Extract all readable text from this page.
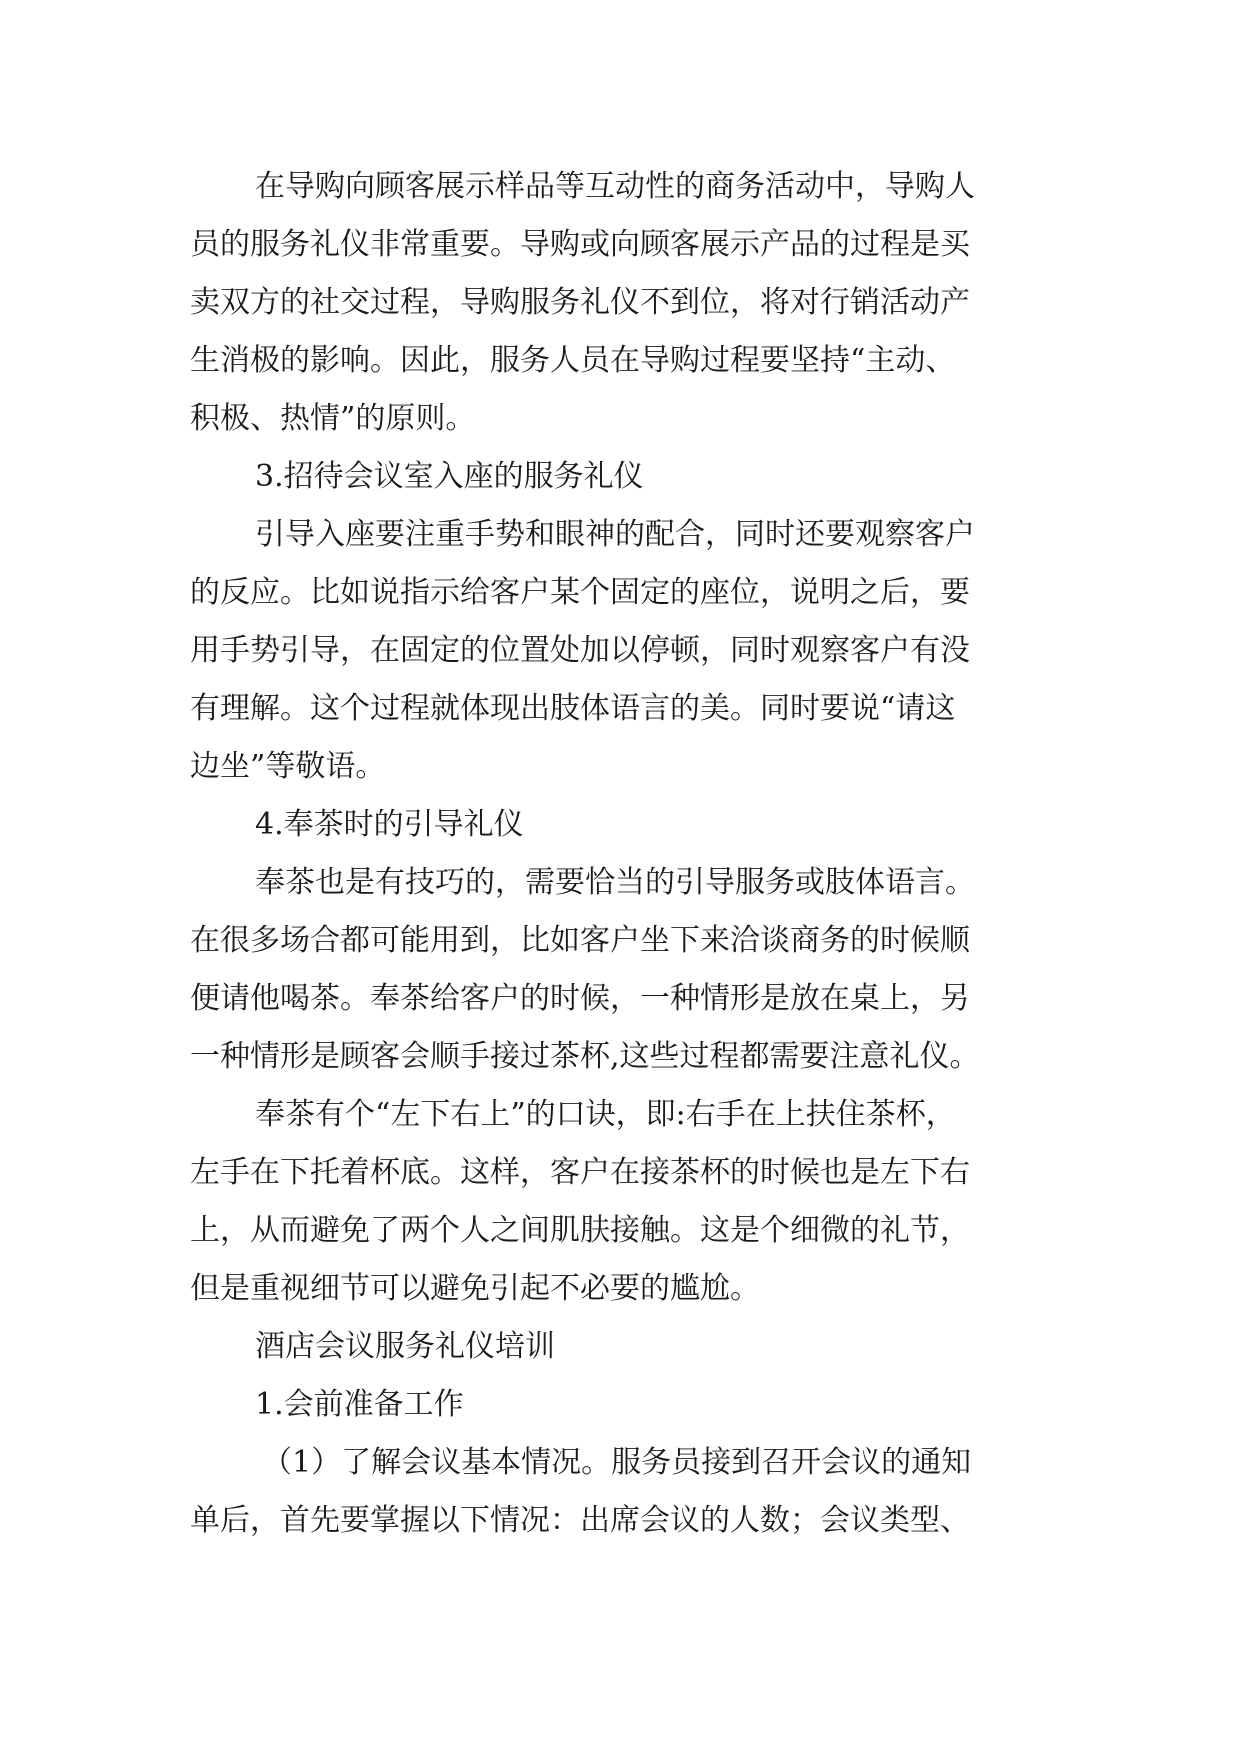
在导购向顾客展示样品等互动性的商务活动中，导购人
员的服务礼仪非常重要。导购或向顾客展示产品的过程是买
卖双方的社交过程，导购服务礼仪不到位，将对行销活动产
生消极的影响。因此，服务人员在导购过程要坚持“主动、
积极、热情”的原则。
3.招待会议室入座的服务礼仪
引导入座要注重手势和眼神的配合，同时还要观察客户
的反应。比如说指示给客户某个固定的座位，说明之后，要
用手势引导，在固定的位置处加以停顿，同时观察客户有没
有理解。这个过程就体现出肢体语言的美。同时要说“请这
边坐”等敬语。
4.奉茶时的引导礼仪
奉茶也是有技巧的，需要恰当的引导服务或肢体语言。
在很多场合都可能用到，比如客户坐下来洽谈商务的时候顺
便请他喝茶。奉茶给客户的时候，一种情形是放在桌上，另
一种情形是顾客会顺手接过茶杯,这些过程都需要注意礼仪。
奉茶有个“左下右上”的口诀，即:右手在上扶住茶杯，
左手在下托着杯底。这样，客户在接茶杯的时候也是左下右
上，从而避免了两个人之间肌肤接触。这是个细微的礼节，
但是重视细节可以避免引起不必要的尴尬。
酒店会议服务礼仪培训
1.会前准备工作
（1）了解会议基本情况。服务员接到召开会议的通知
单后，首先要掌握以下情况：出席会议的人数；会议类型、
